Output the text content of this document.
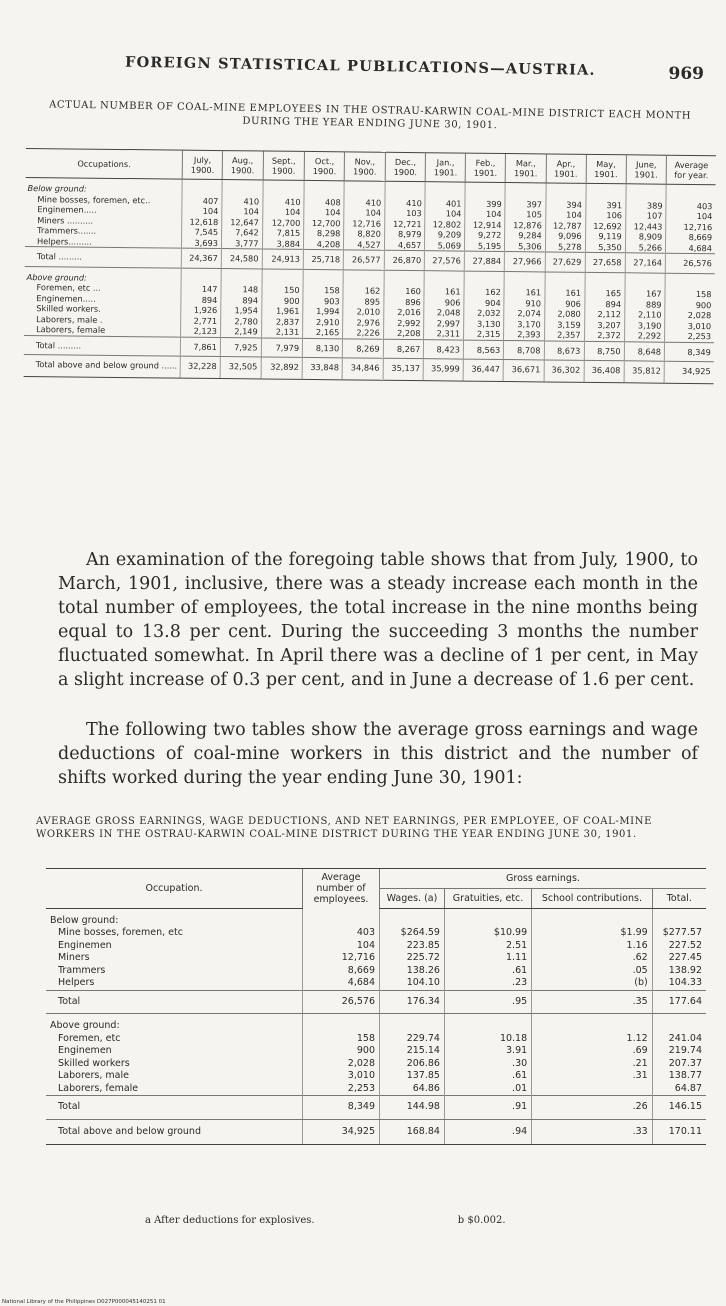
FOREIGN STATISTICAL PUBLICATIONS—AUSTRIA.	969
ACTUAL NUMBER OF COAL-MINE EMPLOYEES IN THE OSTRAU-KARWIN COAL-MINE DISTRICT EACH MONTH DURING THE YEAR ENDING JUNE 30, 1901.
Occupations.	July, 1900.	Aug., 1900.	Sept., 1900.	Oct., 1900.	Nov., 1900.	Dec., 1900.	Jan., 1901.	Feb., 1901.	Mar., 1901.	Apr., 1901.	May, 1901.	June, 1901.	Average for year.
Below ground:													
Mine bosses, foremen, etc..	407	410	410	408	410	410	401	399	397	394	391	389	403
Enginemen.....	104	104	104	104	104	103	104	104	105	104	106	107	104
Miners ..........	12,618	12,647	12,700	12,700	12,716	12,721	12,802	12,914	12,876	12,787	12,692	12,443	12,716
Trammers.......	7,545	7,642	7,815	8,298	8,820	8,979	9,209	9,272	9,284	9,096	9,119	8,909	8,669
Helpers.........	3,693	3,777	3,884	4,208	4,527	4,657	5,069	5,195	5,306	5,278	5,350	5,266	4,684
Total .........	24,367	24,580	24,913	25,718	26,577	26,870	27,576	27,884	27,966	27,629	27,658	27,164	26,576
Above ground:													
Foremen, etc ...	147	148	150	158	162	160	161	162	161	161	165	167	158
Enginemen.....	894	894	900	903	895	896	906	904	910	906	894	889	900
Skilled workers.	1,926	1,954	1,961	1,994	2,010	2,016	2,048	2,032	2,074	2,080	2,112	2,110	2,028
Laborers, male .	2,771	2,780	2,837	2,910	2,976	2,992	2,997	3,130	3,170	3,159	3,207	3,190	3,010
Laborers, female	2,123	2,149	2,131	2,165	2,226	2,208	2,311	2,315	2,393	2,357	2,372	2,292	2,253
Total .........	7,861	7,925	7,979	8,130	8,269	8,267	8,423	8,563	8,708	8,673	8,750	8,648	8,349
Total above and below ground ......	32,228	32,505	32,892	33,848	34,846	35,137	35,999	36,447	36,671	36,302	36,408	35,812	34,925

An examination of the foregoing table shows that from July, 1900, to March, 1901, inclusive, there was a steady increase each month in the total number of employees, the total increase in the nine months being equal to 13.8 per cent. During the succeeding 3 months the number fluctuated somewhat. In April there was a decline of 1 per cent, in May a slight increase of 0.3 per cent, and in June a decrease of 1.6 per cent.

The following two tables show the average gross earnings and wage deductions of coal-mine workers in this district and the number of shifts worked during the year ending June 30, 1901:

AVERAGE GROSS EARNINGS, WAGE DEDUCTIONS, AND NET EARNINGS, PER EMPLOYEE, OF COAL-MINE WORKERS IN THE OSTRAU-KARWIN COAL-MINE DISTRICT DURING THE YEAR ENDING JUNE 30, 1901.
Occupation.	Average number of employees.	Gross earnings.			
		Wages. (a)	Gratuities, etc.	School contributions.	Total.
Below ground:					
Mine bosses, foremen, etc	403	$264.59	$10.99	$1.99	$277.57
Enginemen	104	223.85	2.51	1.16	227.52
Miners	12,716	225.72	1.11	.62	227.45
Trammers	8,669	138.26	.61	.05	138.92
Helpers	4,684	104.10	.23	(b)	104.33
Total	26,576	176.34	.95	.35	177.64
Above ground:					
Foremen, etc	158	229.74	10.18	1.12	241.04
Enginemen	900	215.14	3.91	.69	219.74
Skilled workers	2,028	206.86	.30	.21	207.37
Laborers, male	3,010	137.85	.61	.31	138.77
Laborers, female	2,253	64.86	.01		64.87
Total	8,349	144.98	.91	.26	146.15
Total above and below ground	34,925	168.84	.94	.33	170.11
a After deductions for explosives.	b $0.002.
National Library of the Philippines D027P000045140251 01
